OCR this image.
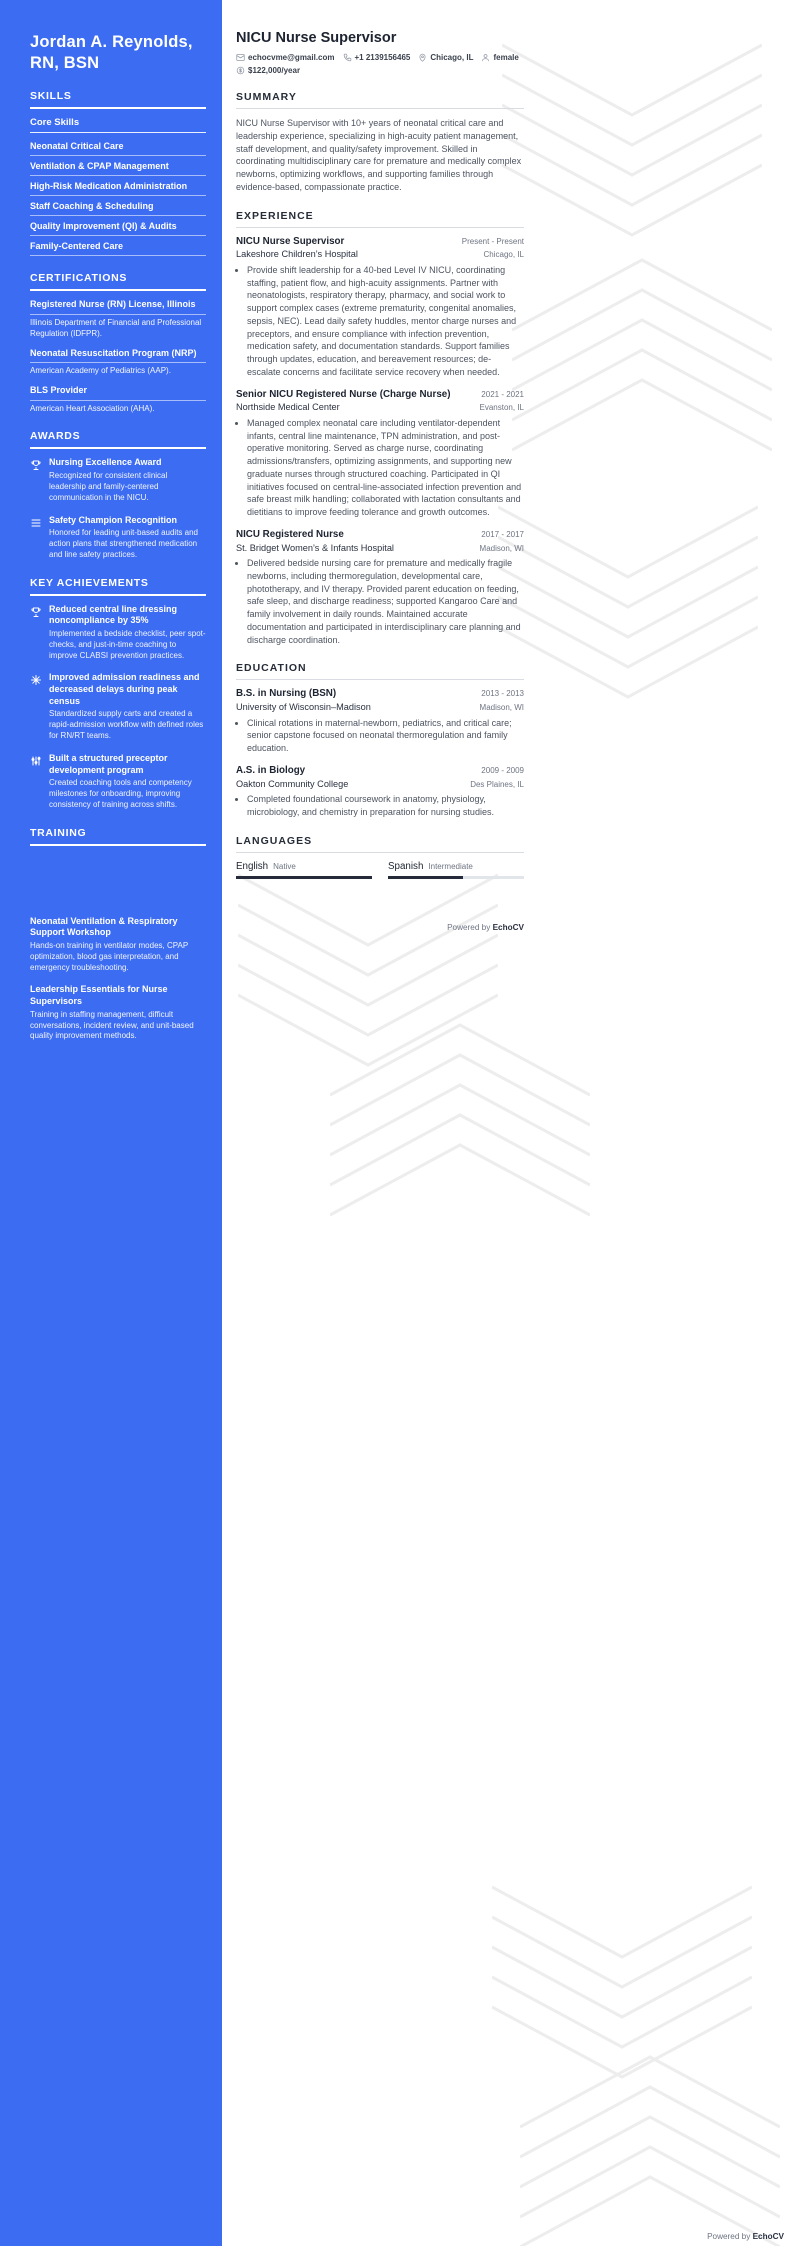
Jordan A. Reynolds, RN, BSN
SKILLS
Core Skills
Neonatal Critical Care
Ventilation & CPAP Management
High-Risk Medication Administration
Staff Coaching & Scheduling
Quality Improvement (QI) & Audits
Family-Centered Care
CERTIFICATIONS
Registered Nurse (RN) License, Illinois
Illinois Department of Financial and Professional Regulation (IDFPR).
Neonatal Resuscitation Program (NRP)
American Academy of Pediatrics (AAP).
BLS Provider
American Heart Association (AHA).
AWARDS
Nursing Excellence Award
Recognized for consistent clinical leadership and family-centered communication in the NICU.
Safety Champion Recognition
Honored for leading unit-based audits and action plans that strengthened medication and line safety practices.
KEY ACHIEVEMENTS
Reduced central line dressing noncompliance by 35%
Implemented a bedside checklist, peer spot-checks, and just-in-time coaching to improve CLABSI prevention practices.
Improved admission readiness and decreased delays during peak census
Standardized supply carts and created a rapid-admission workflow with defined roles for RN/RT teams.
Built a structured preceptor development program
Created coaching tools and competency milestones for onboarding, improving consistency of training across shifts.
TRAINING
Neonatal Ventilation & Respiratory Support Workshop
Hands-on training in ventilator modes, CPAP optimization, blood gas interpretation, and emergency troubleshooting.
Leadership Essentials for Nurse Supervisors
Training in staffing management, difficult conversations, incident review, and unit-based quality improvement methods.
NICU Nurse Supervisor
echocvme@gmail.com	+1 2139156465	Chicago, IL	female
$122,000/year
SUMMARY

NICU Nurse Supervisor with 10+ years of neonatal critical care and leadership experience, specializing in high-acuity patient management, staff development, and quality/safety improvement. Skilled in coordinating multidisciplinary care for premature and medically complex newborns, optimizing workflows, and supporting families through evidence-based, compassionate practice.

EXPERIENCE
NICU Nurse Supervisor	Present - Present
Lakeshore Children’s Hospital	Chicago, IL
• Provide shift leadership for a 40-bed Level IV NICU, coordinating staffing, patient flow, and high-acuity assignments. Partner with neonatologists, respiratory therapy, pharmacy, and social work to support complex cases (extreme prematurity, congenital anomalies, sepsis, NEC). Lead daily safety huddles, mentor charge nurses and preceptors, and ensure compliance with infection prevention, medication safety, and documentation standards. Support families through updates, education, and bereavement resources; de-escalate concerns and facilitate service recovery when needed.
Senior NICU Registered Nurse (Charge Nurse)	2021 - 2021
Northside Medical Center	Evanston, IL
• Managed complex neonatal care including ventilator-dependent infants, central line maintenance, TPN administration, and post-operative monitoring. Served as charge nurse, coordinating admissions/transfers, optimizing assignments, and supporting new graduate nurses through structured coaching. Participated in QI initiatives focused on central-line-associated infection prevention and safe breast milk handling; collaborated with lactation consultants and dietitians to improve feeding tolerance and growth outcomes.
NICU Registered Nurse	2017 - 2017
St. Bridget Women’s & Infants Hospital	Madison, WI
• Delivered bedside nursing care for premature and medically fragile newborns, including thermoregulation, developmental care, phototherapy, and IV therapy. Provided parent education on feeding, safe sleep, and discharge readiness; supported Kangaroo Care and family involvement in daily rounds. Maintained accurate documentation and participated in interdisciplinary care planning and discharge coordination.
EDUCATION
B.S. in Nursing (BSN)	2013 - 2013
University of Wisconsin–Madison	Madison, WI
• Clinical rotations in maternal-newborn, pediatrics, and critical care; senior capstone focused on neonatal thermoregulation and family education.
A.S. in Biology	2009 - 2009
Oakton Community College	Des Plaines, IL
• Completed foundational coursework in anatomy, physiology, microbiology, and chemistry in preparation for nursing studies.
LANGUAGES
English Native	Spanish Intermediate
Powered by EchoCV
Powered by EchoCV
